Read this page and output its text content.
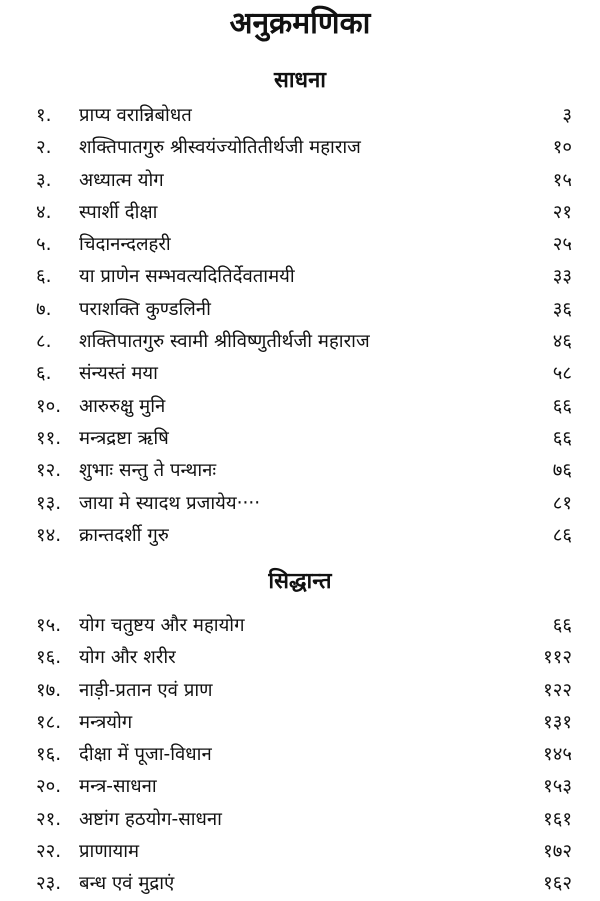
अनुक्रमणिका
साधना
१. प्राप्य वरान्निबोधत	३
२. शक्तिपातगुरु श्रीस्वयंज्योतितीर्थजी महाराज	१०
३. अध्यात्म योग	१५
४. स्पार्शी दीक्षा	२१
५. चिदानन्दलहरी	२५
६. या प्राणेन सम्भवत्यदितिर्देवतामयी	३३
७. पराशक्ति कुण्डलिनी	३६
८. शक्तिपातगुरु स्वामी श्रीविष्णुतीर्थजी महाराज	४६
६. संन्यस्तं मया	५८
१०. आरुरुक्षु मुनि	६६
११. मन्त्रद्रष्टा ऋषि	६६
१२. शुभाः सन्तु ते पन्थानः	७६
१३. जाया मे स्यादथ प्रजायेय····	८१
१४. क्रान्तदर्शी गुरु	८६
सिद्धान्त
१५. योग चतुष्टय और महायोग	६६
१६. योग और शरीर	११२
१७. नाड़ी-प्रतान एवं प्राण	१२२
१८. मन्त्रयोग	१३१
१६. दीक्षा में पूजा-विधान	१४५
२०. मन्त्र-साधना	१५३
२१. अष्टांग हठयोग-साधना	१६१
२२. प्राणायाम	१७२
२३. बन्ध एवं मुद्राएं	१६२
